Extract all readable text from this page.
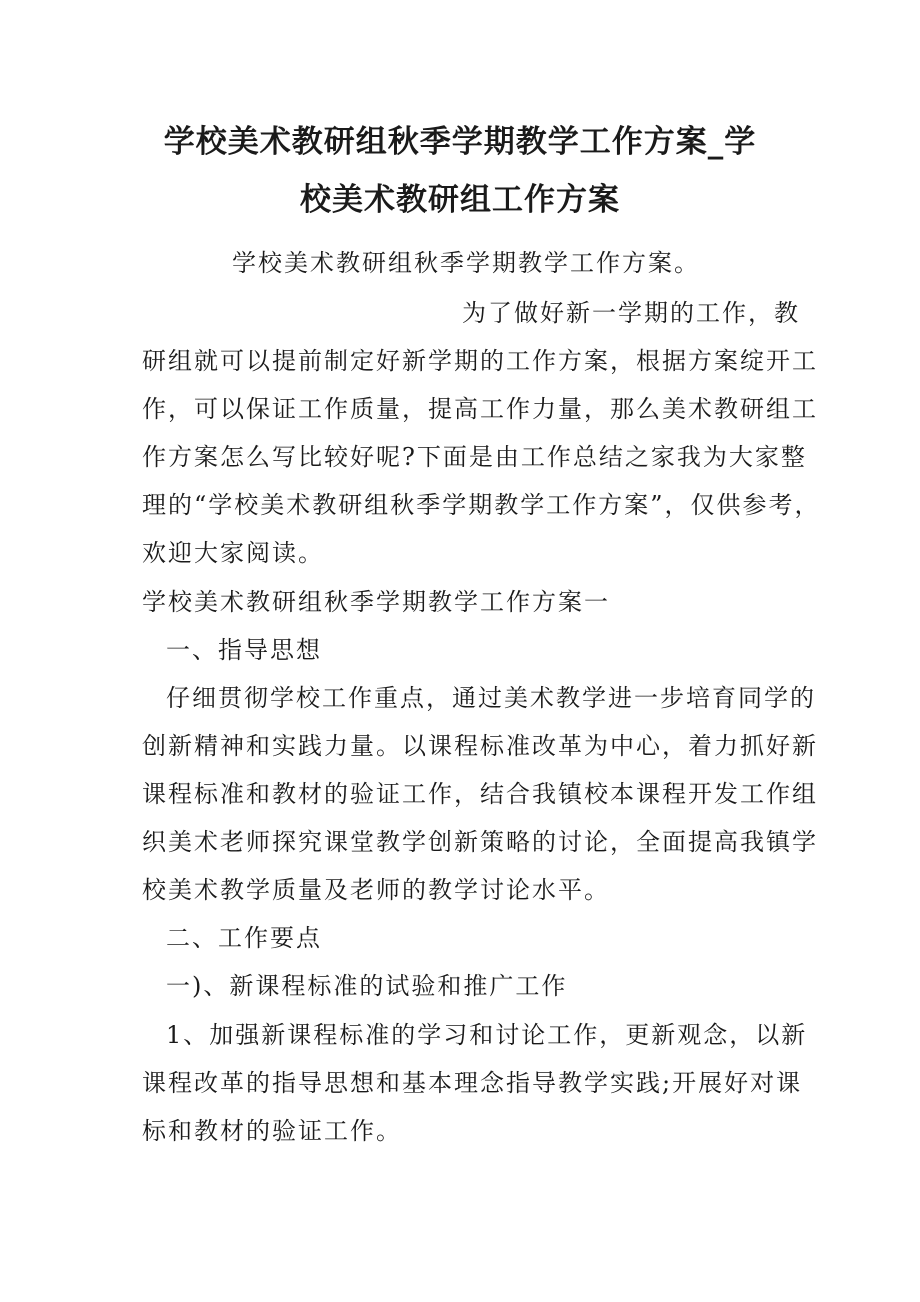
学校美术教研组秋季学期教学工作方案_学
校美术教研组工作方案

学校美术教研组秋季学期教学工作方案。

为了做好新一学期的工作，教

研组就可以提前制定好新学期的工作方案，根据方案绽开工

作，可以保证工作质量，提高工作力量，那么美术教研组工

作方案怎么写比较好呢?下面是由工作总结之家我为大家整

理的“学校美术教研组秋季学期教学工作方案”，仅供参考，

欢迎大家阅读。

学校美术教研组秋季学期教学工作方案一

一、指导思想

仔细贯彻学校工作重点，通过美术教学进一步培育同学的

创新精神和实践力量。以课程标准改革为中心，着力抓好新

课程标准和教材的验证工作，结合我镇校本课程开发工作组

织美术老师探究课堂教学创新策略的讨论，全面提高我镇学

校美术教学质量及老师的教学讨论水平。

二、工作要点

一)、新课程标准的试验和推广工作

1、加强新课程标准的学习和讨论工作，更新观念，以新

课程改革的指导思想和基本理念指导教学实践;开展好对课

标和教材的验证工作。
